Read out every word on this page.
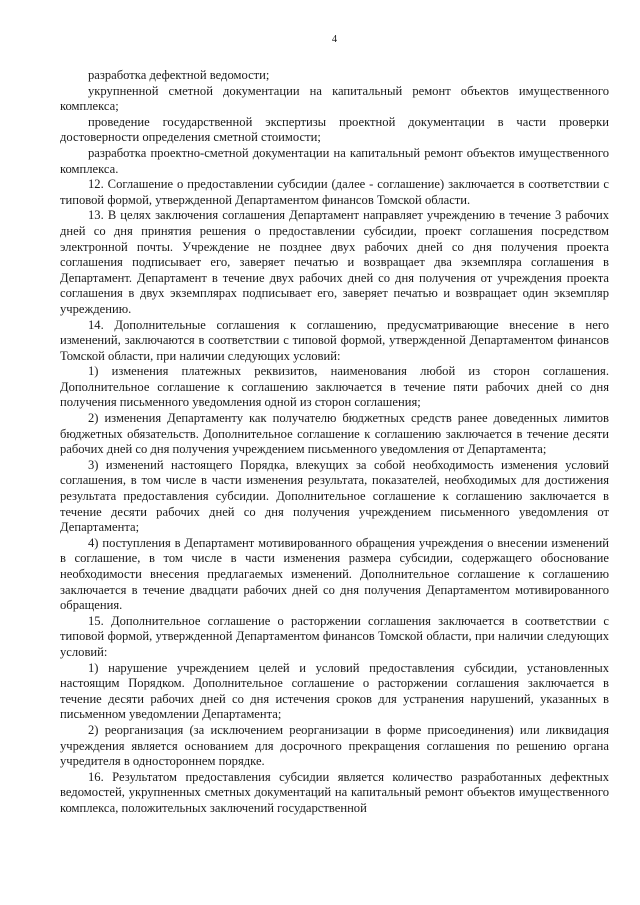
4

разработка дефектной ведомости;

укрупненной сметной документации на капитальный ремонт объектов имущественного комплекса;

проведение государственной экспертизы проектной документации в части проверки достоверности определения сметной стоимости;

разработка проектно-сметной документации на капитальный ремонт объектов имущественного комплекса.

12. Соглашение о предоставлении субсидии (далее - соглашение) заключается в соответствии с типовой формой, утвержденной Департаментом финансов Томской области.

13. В целях заключения соглашения Департамент направляет учреждению в течение 3 рабочих дней со дня принятия решения о предоставлении субсидии, проект соглашения посредством электронной почты. Учреждение не позднее двух рабочих дней со дня получения проекта соглашения подписывает его, заверяет печатью и возвращает два экземпляра соглашения в Департамент. Департамент в течение двух рабочих дней со дня получения от учреждения проекта соглашения в двух экземплярах подписывает его, заверяет печатью и возвращает один экземпляр учреждению.

14. Дополнительные соглашения к соглашению, предусматривающие внесение в него изменений, заключаются в соответствии с типовой формой, утвержденной Департаментом финансов Томской области, при наличии следующих условий:

1) изменения платежных реквизитов, наименования любой из сторон соглашения. Дополнительное соглашение к соглашению заключается в течение пяти рабочих дней со дня получения письменного уведомления одной из сторон соглашения;

2) изменения Департаменту как получателю бюджетных средств ранее доведенных лимитов бюджетных обязательств. Дополнительное соглашение к соглашению заключается в течение десяти рабочих дней со дня получения учреждением письменного уведомления от Департамента;

3) изменений настоящего Порядка, влекущих за собой необходимость изменения условий соглашения, в том числе в части изменения результата, показателей, необходимых для достижения результата предоставления субсидии. Дополнительное соглашение к соглашению заключается в течение десяти рабочих дней со дня получения учреждением письменного уведомления от Департамента;

4) поступления в Департамент мотивированного обращения учреждения о внесении изменений в соглашение, в том числе в части изменения размера субсидии, содержащего обоснование необходимости внесения предлагаемых изменений. Дополнительное соглашение к соглашению заключается в течение двадцати рабочих дней со дня получения Департаментом мотивированного обращения.

15. Дополнительное соглашение о расторжении соглашения заключается в соответствии с типовой формой, утвержденной Департаментом финансов Томской области, при наличии следующих условий:

1) нарушение учреждением целей и условий предоставления субсидии, установленных настоящим Порядком. Дополнительное соглашение о расторжении соглашения заключается в течение десяти рабочих дней со дня истечения сроков для устранения нарушений, указанных в письменном уведомлении Департамента;

2) реорганизация (за исключением реорганизации в форме присоединения) или ликвидация учреждения является основанием для досрочного прекращения соглашения по решению органа учредителя в одностороннем порядке.

16. Результатом предоставления субсидии является количество разработанных дефектных ведомостей, укрупненных сметных документаций на капитальный ремонт объектов имущественного комплекса, положительных заключений государственной
